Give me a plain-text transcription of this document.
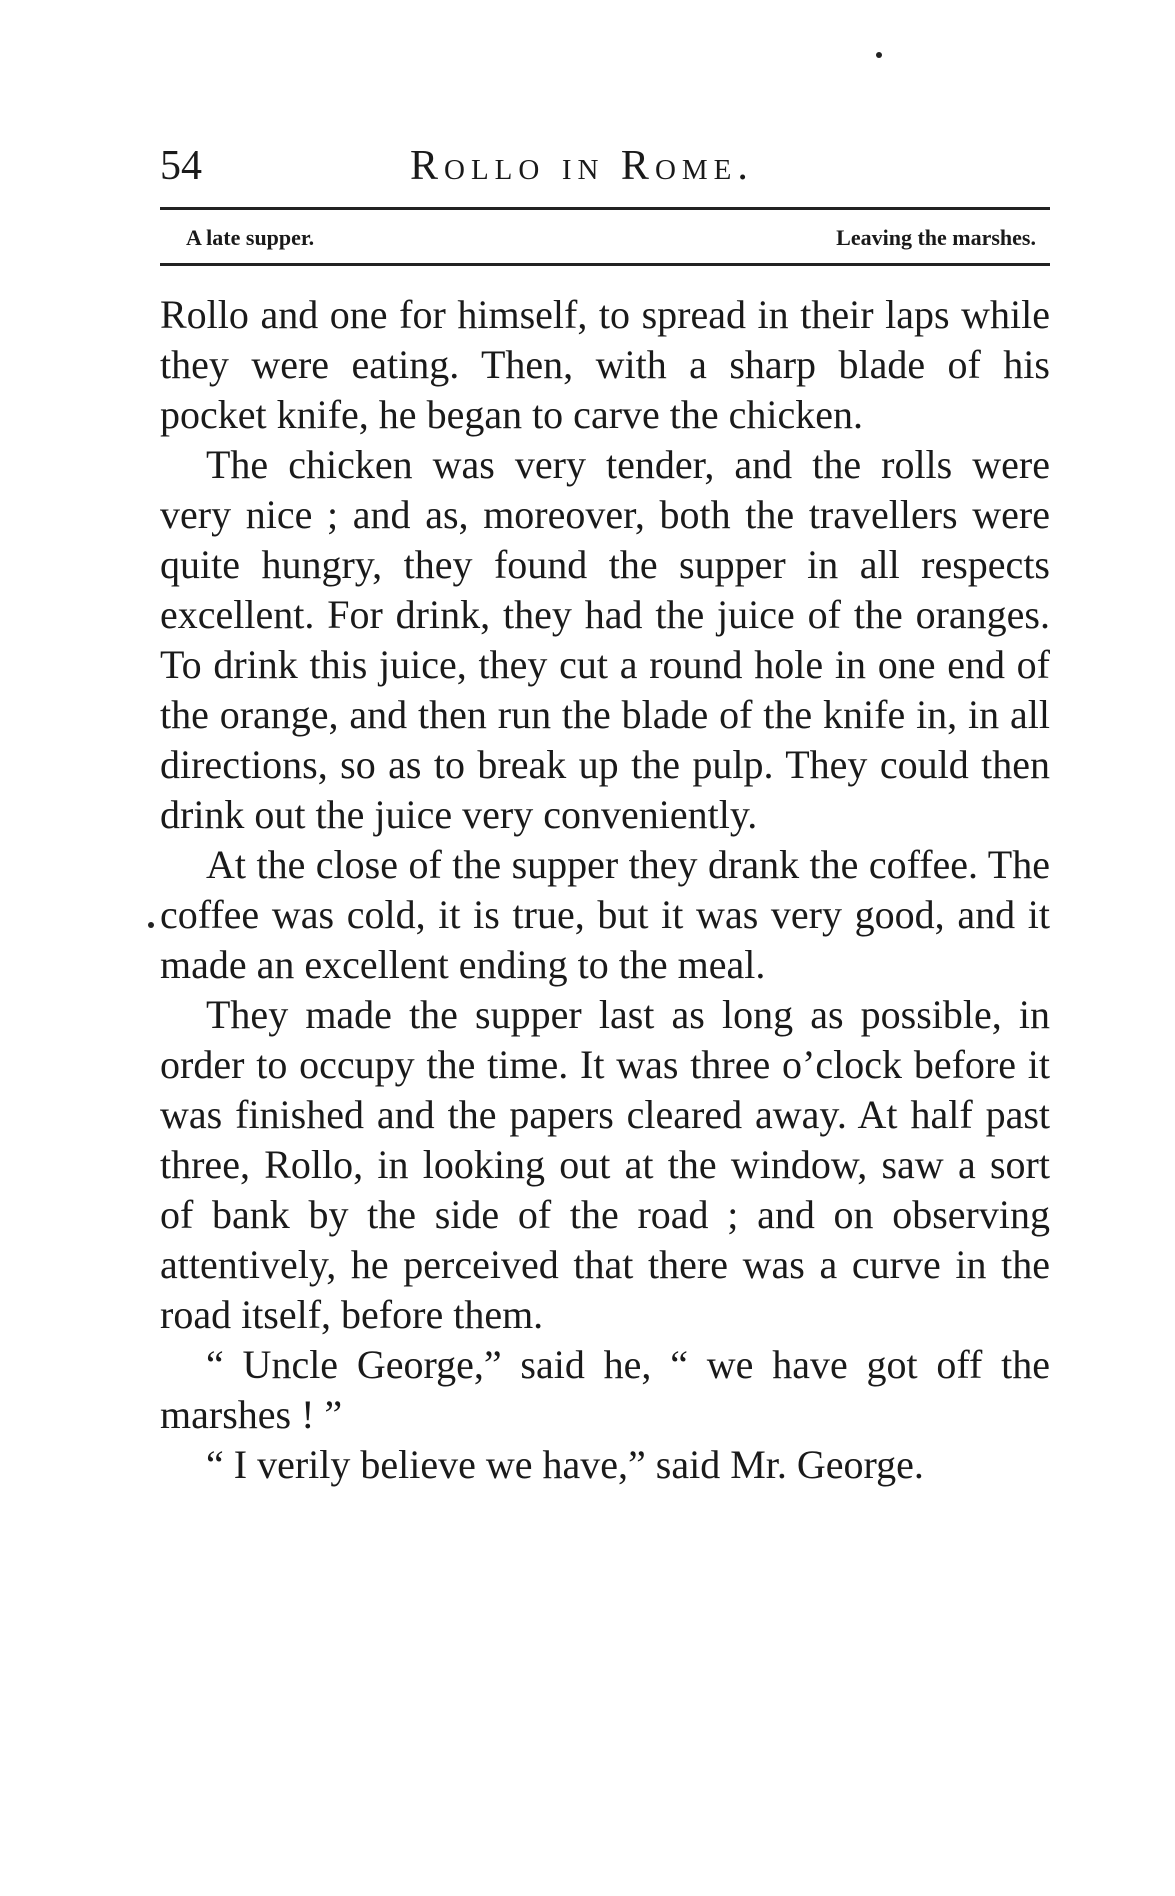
54	Rollo in Rome.
A late supper.	Leaving the marshes.

Rollo and one for himself, to spread in their laps while they were eating. Then, with a sharp blade of his pocket knife, he began to carve the chicken.

The chicken was very tender, and the rolls were very nice ; and as, moreover, both the travellers were quite hungry, they found the supper in all respects excellent. For drink, they had the juice of the oranges. To drink this juice, they cut a round hole in one end of the orange, and then run the blade of the knife in, in all directions, so as to break up the pulp. They could then drink out the juice very conveniently.

At the close of the supper they drank the coffee. The coffee was cold, it is true, but it was very good, and it made an excellent ending to the meal.

They made the supper last as long as possible, in order to occupy the time. It was three o’clock before it was finished and the papers cleared away. At half past three, Rollo, in looking out at the window, saw a sort of bank by the side of the road ; and on observing attentively, he perceived that there was a curve in the road itself, before them.

“ Uncle George,” said he, “ we have got off the marshes ! ”

“ I verily believe we have,” said Mr. George.
